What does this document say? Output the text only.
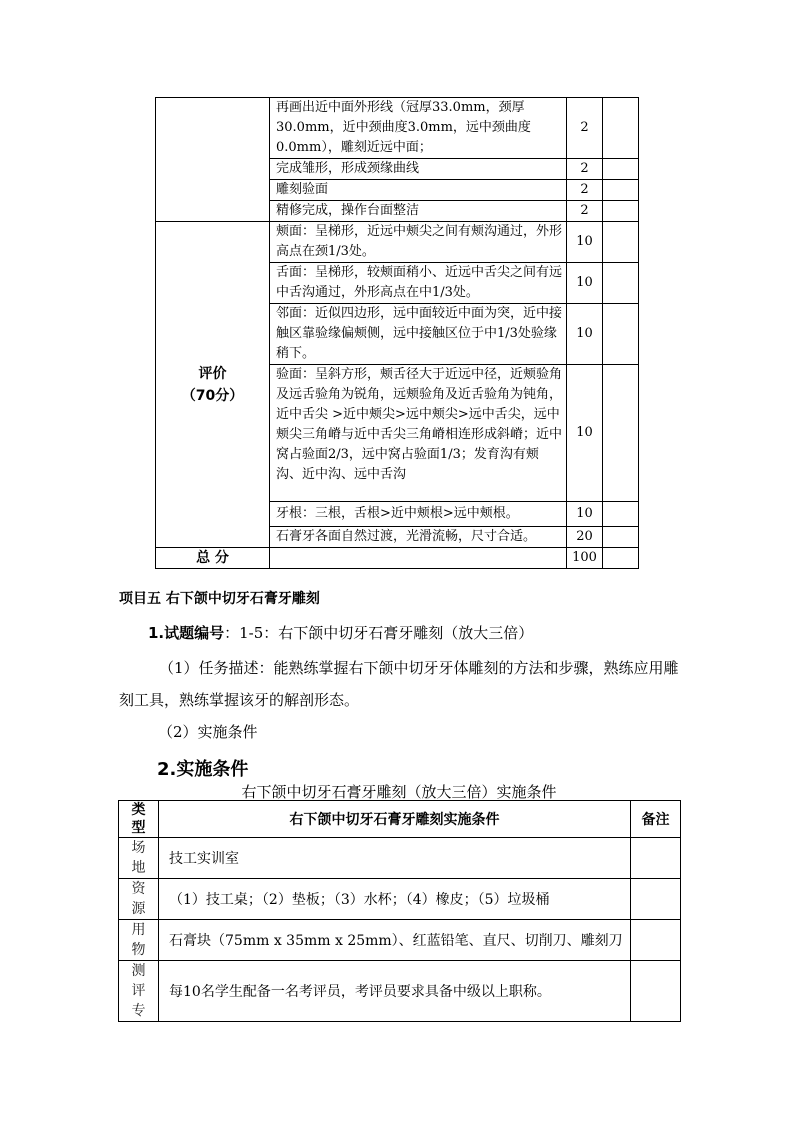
	再画出近中面外形线（冠厚33.0mm，颈厚30.0mm，近中颈曲度3.0mm，远中颈曲度0.0mm），雕刻近远中面；	2	
	完成雏形，形成颈缘曲线	2	
	雕刻验面	2	
	精修完成，操作台面整洁	2	

评价
（70分）	颊面：呈梯形，近远中颊尖之间有颊沟通过，外形高点在颈1/3处。	10	
	舌面：呈梯形，较颊面稍小、近远中舌尖之间有远中舌沟通过，外形高点在中1/3处。	10	
	邻面：近似四边形，远中面较近中面为突，近中接触区靠验缘偏颊侧，远中接触区位于中1/3处验缘稍下。	10	
	验面：呈斜方形，颊舌径大于近远中径，近颊验角及远舌验角为锐角，远颊验角及近舌验角为钝角，近中舌尖 >近中颊尖>远中颊尖>远中舌尖，远中颊尖三角嵴与近中舌尖三角嵴相连形成斜嵴；近中窝占验面2/3，远中窝占验面1/3；发育沟有颊沟、近中沟、远中舌沟	10	
	牙根：三根，舌根>近中颊根>远中颊根。	10	
	石膏牙各面自然过渡，光滑流畅，尺寸合适。	20	
总 分		100	
项目五 右下颌中切牙石膏牙雕刻
1.试题编号：1-5：右下颌中切牙石膏牙雕刻（放大三倍）
（1）任务描述：能熟练掌握右下颌中切牙牙体雕刻的方法和步骤，熟练应用雕刻工具，熟练掌握该牙的解剖形态。
（2）实施条件
2.实施条件
右下颌中切牙石膏牙雕刻（放大三倍）实施条件
类型	右下颌中切牙石膏牙雕刻实施条件	备注
场地	技工实训室	
资源	（1）技工桌；（2）垫板；（3）水杯；（4）橡皮；（5）垃圾桶	
用物	石膏块（75mm x 35mm x 25mm）、红蓝铅笔、直尺、切削刀、雕刻刀	
测评专	每10名学生配备一名考评员，考评员要求具备中级以上职称。	
